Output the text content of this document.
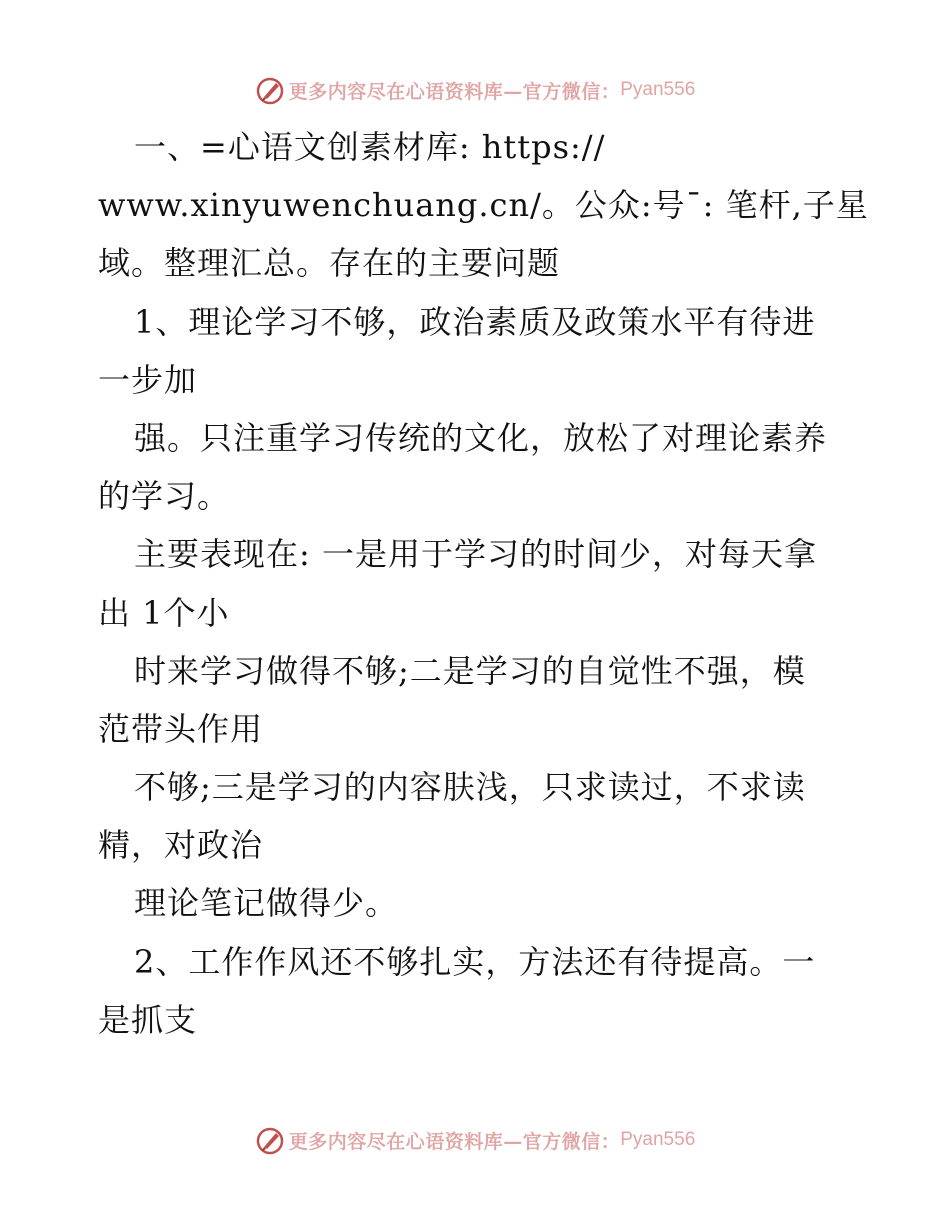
更多内容尽在心语资料库—官方微信： Pyan556
一、=心语文创素材库: https://
www.xinyuwenchuang.cn/。公众:号¯: 笔杆,子星
域。整理汇总。存在的主要问题
1、理论学习不够，政治素质及政策水平有待进
一步加
强。只注重学习传统的文化，放松了对理论素养
的学习。
主要表现在: 一是用于学习的时间少，对每天拿
出 1个小
时来学习做得不够;二是学习的自觉性不强，模
范带头作用
不够;三是学习的内容肤浅，只求读过，不求读
精，对政治
理论笔记做得少。
2、工作作风还不够扎实，方法还有待提高。一
是抓支
更多内容尽在心语资料库—官方微信： Pyan556
